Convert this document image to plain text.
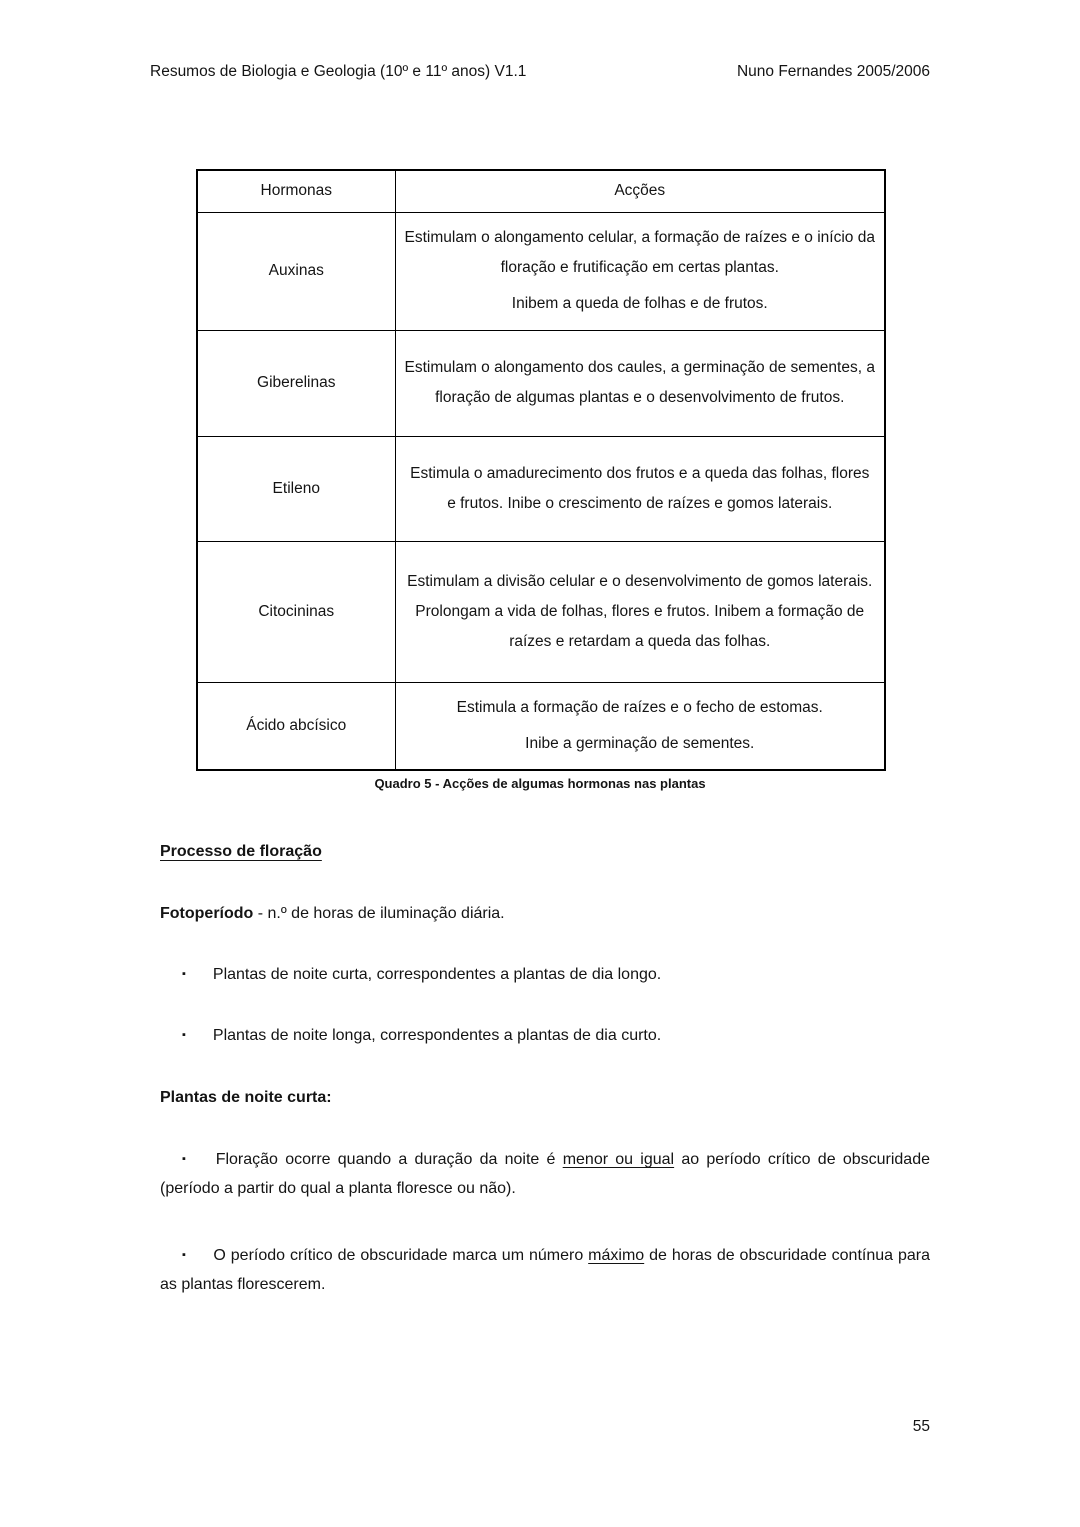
Resumos de Biologia e Geologia (10º e 11º anos) V1.1	Nuno Fernandes 2005/2006
Hormonas	Acções
Auxinas	Estimulam o alongamento celular, a formação de raízes e o início da floração e frutificação em certas plantas.

Inibem a queda de folhas e de frutos.

Giberelinas	Estimulam o alongamento dos caules, a germinação de sementes, a floração de algumas plantas e o desenvolvimento de frutos.

Etileno	Estimula o amadurecimento dos frutos e a queda das folhas, flores e frutos. Inibe o crescimento de raízes e gomos laterais.

Citocininas	Estimulam a divisão celular e o desenvolvimento de gomos laterais. Prolongam a vida de folhas, flores e frutos. Inibem a formação de raízes e retardam a queda das folhas.

Ácido abcísico	Estimula a formação de raízes e o fecho de estomas.

Inibe a germinação de sementes.

Quadro 5 - Acções de algumas hormonas nas plantas
Processo de floração

Fotoperíodo - n.º de horas de iluminação diária.

▪ Plantas de noite curta, correspondentes a plantas de dia longo.

▪ Plantas de noite longa, correspondentes a plantas de dia curto.

Plantas de noite curta:

▪ Floração ocorre quando a duração da noite é menor ou igual ao período crítico de obscuridade (período a partir do qual a planta floresce ou não).

▪ O período crítico de obscuridade marca um número máximo de horas de obscuridade contínua para as plantas florescerem.

55
